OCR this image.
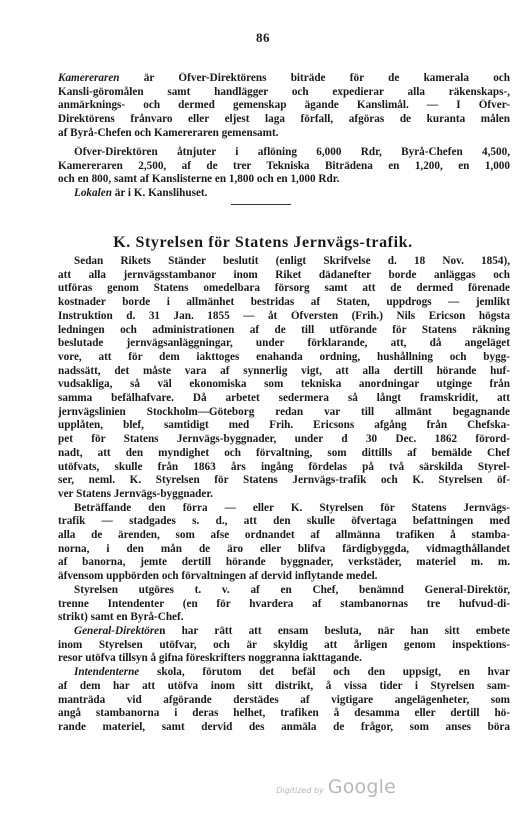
86
Kamereraren är Öfver-Direktörens biträde för de kamerala och
Kansli-göromålen samt handlägger och expedierar alla räkenskaps-,
anmärknings- och dermed gemenskap ägande Kanslimål. — I Öfver-
Direktörens frånvaro eller eljest laga förfall, afgöras de kuranta målen
af Byrå-Chefen och Kamereraren gemensamt.
Öfver-Direktören åtnjuter i aflöning 6,000 Rdr, Byrå-Chefen 4,500,
Kamereraren 2,500, af de trer Tekniska Biträdena en 1,200, en 1,000
och en 800, samt af Kanslisterne en 1,800 och en 1,000 Rdr.
Lokalen är i K. Kanslihuset.
K. Styrelsen för Statens Jernvägs-trafik.
Sedan Rikets Ständer beslutit (enligt Skrifvelse d. 18 Nov. 1854),
att alla jernvägsstambanor inom Riket dädanefter borde anläggas och
utföras genom Statens omedelbara försorg samt att de dermed förenade
kostnader borde i allmänhet bestridas af Staten, uppdrogs — jemlikt
Instruktion d. 31 Jan. 1855 — åt Öfversten (Frih.) Nils Ericson högsta
ledningen och administrationen af de till utförande för Statens räkning
beslutade jernvägsanläggningar, under förklarande, att, då angeläget
vore, att för dem iakttoges enahanda ordning, hushållning och bygg-
nadssätt, det måste vara af synnerlig vigt, att alla dertill hörande huf-
vudsakliga, så väl ekonomiska som tekniska anordningar utginge från
samma befälhafvare. Då arbetet sedermera så långt framskridit, att
jernvägslinien Stockholm—Göteborg redan var till allmänt begagnande
upplåten, blef, samtidigt med Frih. Ericsons afgång från Chefska-
pet för Statens Jernvägs-byggnader, under d 30 Dec. 1862 förord-
nadt, att den myndighet och förvaltning, som dittills af bemälde Chef
utöfvats, skulle från 1863 års ingång fördelas på två särskilda Styrel-
ser, neml. K. Styrelsen för Statens Jernvägs-trafik och K. Styrelsen öf-
ver Statens Jernvägs-byggnader.
Beträffande den förra — eller K. Styrelsen för Statens Jernvägs-
trafik — stadgades s. d., att den skulle öfvertaga befattningen med
alla de ärenden, som afse ordnandet af allmänna trafiken å stamba-
norna, i den mån de äro eller blifva färdigbyggda, vidmagthållandet
af banorna, jemte dertill hörande byggnader, verkstäder, materiel m. m.
äfvensom uppbörden och förvaltningen af dervid inflytande medel.
Styrelsen utgöres t. v. af en Chef, benämnd General-Direktör,
trenne Intendenter (en för hvardera af stambanornas tre hufvud-di-
strikt) samt en Byrå-Chef.
General-Direktören har rätt att ensam besluta, när han sitt embete
inom Styrelsen utöfvar, och är skyldig att årligen genom inspektions-
resor utöfva tillsyn å gifna föreskrifters noggranna iakttagande.
Intendenterne skola, förutom det befäl och den uppsigt, en hvar
af dem har att utöfva inom sitt distrikt, å vissa tider i Styrelsen sam-
manträda vid afgörande derstädes af vigtigare angelägenheter, som
angå stambanorna i deras helhet, trafiken å desamma eller dertill hö-
rande materiel, samt dervid des anmäla de frågor, som anses böra
Digitized by Google
